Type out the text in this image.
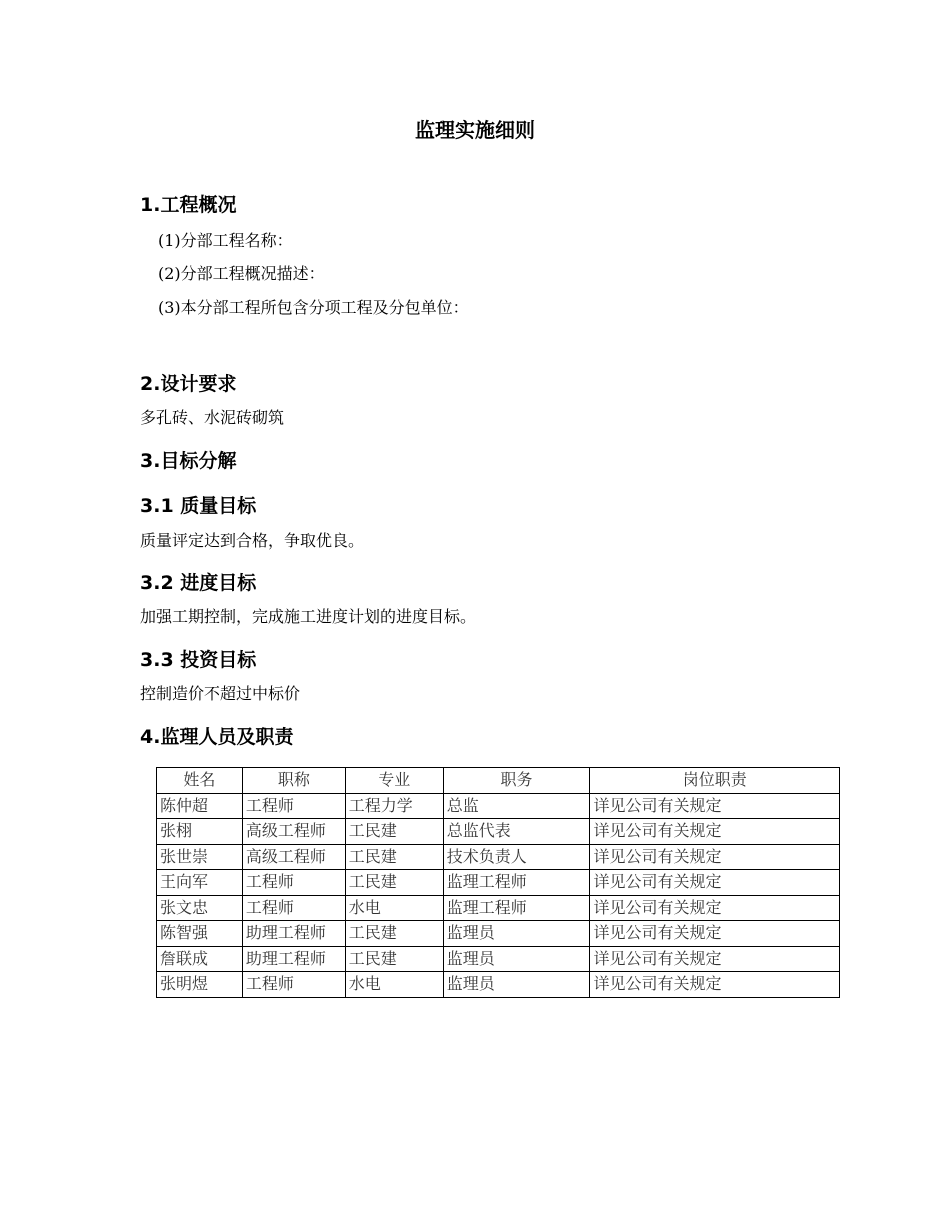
监理实施细则
1.工程概况
(1)分部工程名称：
(2)分部工程概况描述：
(3)本分部工程所包含分项工程及分包单位：
2.设计要求
多孔砖、水泥砖砌筑
3.目标分解
3.1 质量目标
质量评定达到合格，争取优良。
3.2 进度目标
加强工期控制，完成施工进度计划的进度目标。
3.3 投资目标
控制造价不超过中标价
4.监理人员及职责
姓名	职称	专业	职务	岗位职责
陈仲超	工程师	工程力学	总监	详见公司有关规定
张栩	高级工程师	工民建	总监代表	详见公司有关规定
张世崇	高级工程师	工民建	技术负责人	详见公司有关规定
王向军	工程师	工民建	监理工程师	详见公司有关规定
张文忠	工程师	水电	监理工程师	详见公司有关规定
陈智强	助理工程师	工民建	监理员	详见公司有关规定
詹联成	助理工程师	工民建	监理员	详见公司有关规定
张明煜	工程师	水电	监理员	详见公司有关规定
